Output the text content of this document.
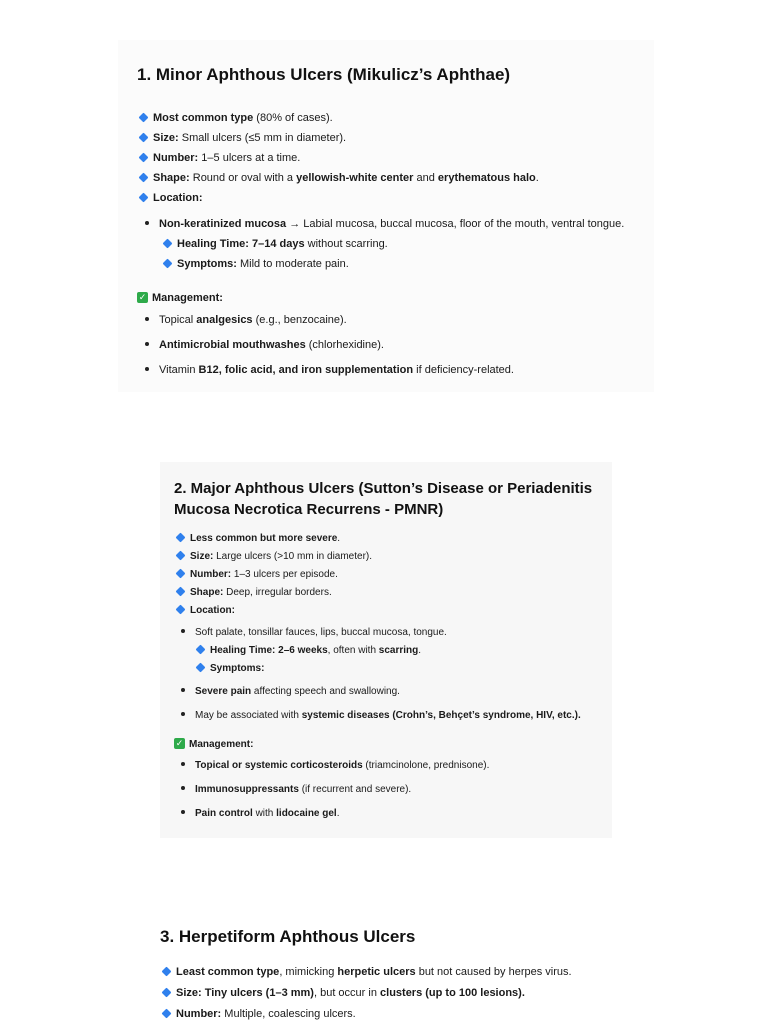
1. Minor Aphthous Ulcers (Mikulicz’s Aphthae)
Most common type (80% of cases).
Size: Small ulcers (≤5 mm in diameter).
Number: 1–5 ulcers at a time.
Shape: Round or oval with a yellowish-white center and erythematous halo.
Location:
Non-keratinized mucosa → Labial mucosa, buccal mucosa, floor of the mouth, ventral tongue.
Healing Time: 7–14 days without scarring.
Symptoms: Mild to moderate pain.
✓ Management:
Topical analgesics (e.g., benzocaine).
Antimicrobial mouthwashes (chlorhexidine).
Vitamin B12, folic acid, and iron supplementation if deficiency-related.
2. Major Aphthous Ulcers (Sutton’s Disease or Periadenitis Mucosa Necrotica Recurrens - PMNR)
Less common but more severe.
Size: Large ulcers (>10 mm in diameter).
Number: 1–3 ulcers per episode.
Shape: Deep, irregular borders.
Location:
Soft palate, tonsillar fauces, lips, buccal mucosa, tongue.
Healing Time: 2–6 weeks, often with scarring.
Symptoms:
Severe pain affecting speech and swallowing.
May be associated with systemic diseases (Crohn’s, Behçet’s syndrome, HIV, etc.).
✓ Management:
Topical or systemic corticosteroids (triamcinolone, prednisone).
Immunosuppressants (if recurrent and severe).
Pain control with lidocaine gel.
3. Herpetiform Aphthous Ulcers
Least common type, mimicking herpetic ulcers but not caused by herpes virus.
Size: Tiny ulcers (1–3 mm), but occur in clusters (up to 100 lesions).
Number: Multiple, coalescing ulcers.
